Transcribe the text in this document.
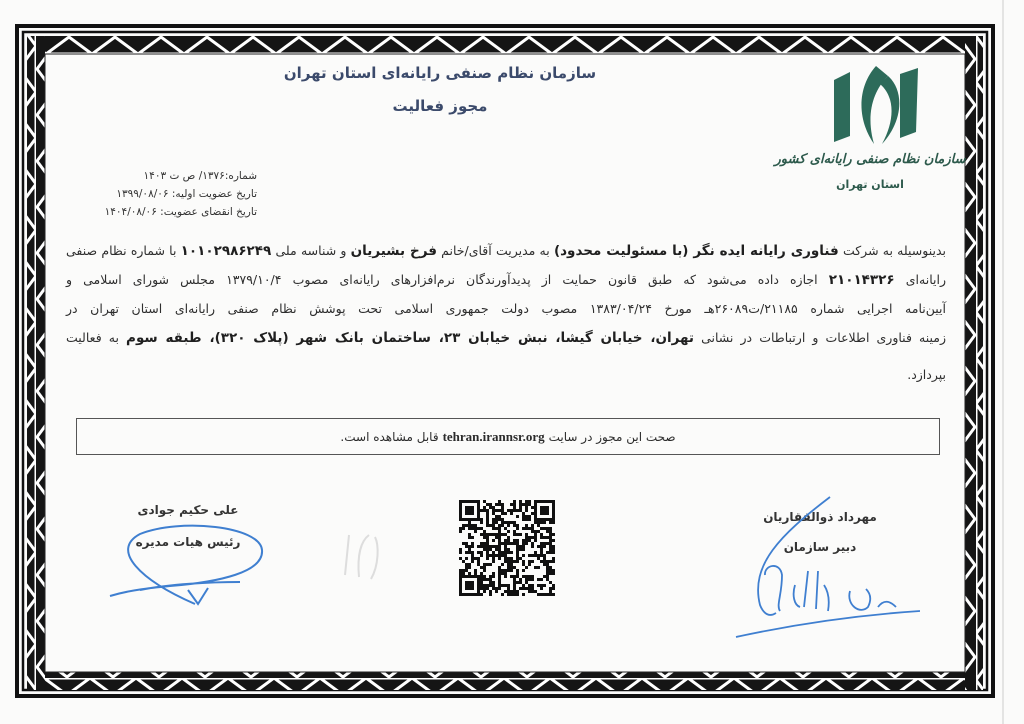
سازمان نظام صنفی رایانه‌ای استان تهران
مجوز فعالیت
سازمان نظام صنفی رایانه‌ای کشور
استان تهران
شماره:۱۳۷۶/ ص ت ۱۴۰۳
تاریخ عضویت اولیه: ۱۳۹۹/۰۸/۰۶
تاریخ انقضای عضویت: ۱۴۰۴/۰۸/۰۶
بدینوسیله به شرکت فناوری رایانه ایده نگر (با مسئولیت محدود) به مدیریت آقای/خانم فرخ بشیریان و شناسه ملی ۱۰۱۰۲۹۸۶۲۴۹ با شماره نظام صنفی
رایانه‌ای ۲۱۰۱۴۳۲۶ اجازه داده می‌شود که طبق قانون حمایت از پدیدآورندگان نرم‌افزارهای رایانه‌ای مصوب ۱۳۷۹/۱۰/۴ مجلس شورای اسلامی و
آیین‌نامه اجرایی شماره ۲۱۱۸۵/ت۲۶۰۸۹هـ مورخ ۱۳۸۳/۰۴/۲۴ مصوب دولت جمهوری اسلامی تحت پوشش نظام صنفی رایانه‌ای استان تهران در
زمینه فناوری اطلاعات و ارتباطات در نشانی تهران، خیابان گیشا، نبش خیابان ۲۳، ساختمان بانک شهر (پلاک ۳۲۰)، طبقه سوم به فعالیت
بپردازد.
صحت این مجوز در سایت
tehran.irannsr.org
قابل مشاهده است.
علی حکیم جوادی
رئیس هیات مدیره
مهرداد ذوالفقاریان
دبیر سازمان
